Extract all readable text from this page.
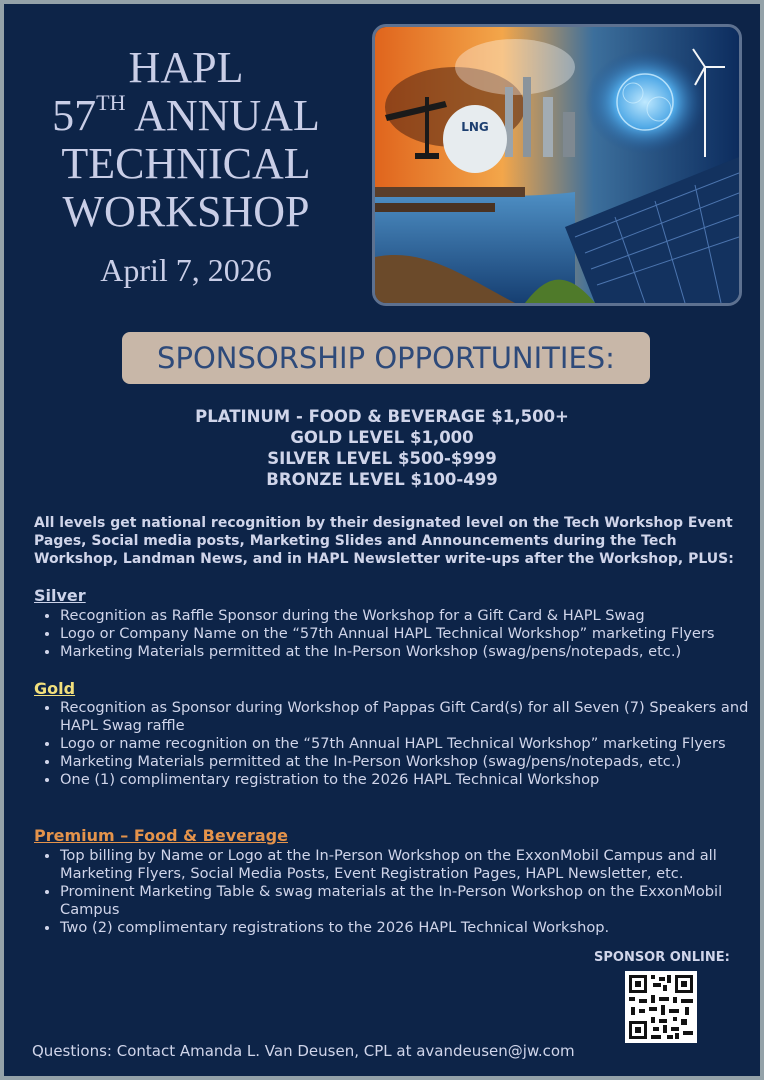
HAPL
57TH ANNUAL
TECHNICAL
WORKSHOP
April 7, 2026
LNG
SPONSORSHIP OPPORTUNITIES:
PLATINUM - FOOD & BEVERAGE $1,500+
GOLD LEVEL $1,000
SILVER LEVEL $500-$999
BRONZE LEVEL $100-499
All levels get national recognition by their designated level on the Tech Workshop Event Pages, Social media posts, Marketing Slides and Announcements during the Tech Workshop, Landman News, and in HAPL Newsletter write-ups after the Workshop, PLUS:
Silver
• Recognition as Raffle Sponsor during the Workshop for a Gift Card & HAPL Swag
• Logo or Company Name on the “57th Annual HAPL Technical Workshop” marketing Flyers
• Marketing Materials permitted at the In-Person Workshop (swag/pens/notepads, etc.)
Gold
• Recognition as Sponsor during Workshop of Pappas Gift Card(s) for all Seven (7) Speakers and HAPL Swag raffle
• Logo or name recognition on the “57th Annual HAPL Technical Workshop” marketing Flyers
• Marketing Materials permitted at the In-Person Workshop (swag/pens/notepads, etc.)
• One (1) complimentary registration to the 2026 HAPL Technical Workshop
Premium – Food & Beverage
• Top billing by Name or Logo at the In-Person Workshop on the ExxonMobil Campus and all Marketing Flyers, Social Media Posts, Event Registration Pages, HAPL Newsletter, etc.
• Prominent Marketing Table & swag materials at the In-Person Workshop on the ExxonMobil Campus
• Two (2) complimentary registrations to the 2026 HAPL Technical Workshop.
SPONSOR ONLINE:
Questions: Contact Amanda L. Van Deusen, CPL at avandeusen@jw.com
